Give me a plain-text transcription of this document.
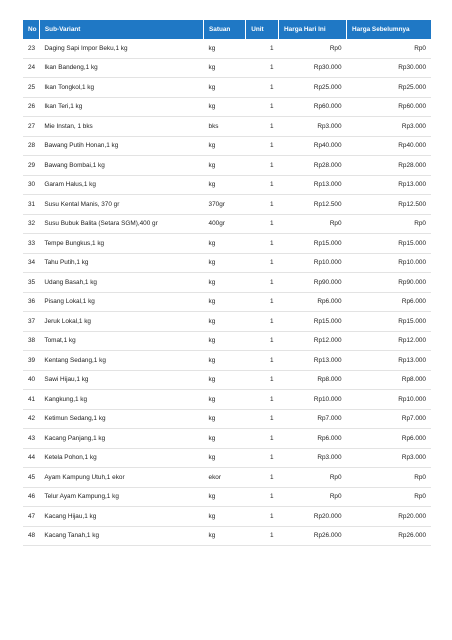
No	Sub-Variant	Satuan	Unit	Harga Hari Ini	Harga Sebelumnya
23	Daging Sapi Impor Beku,1 kg	kg	1	Rp0	Rp0
24	Ikan Bandeng,1 kg	kg	1	Rp30.000	Rp30.000
25	Ikan Tongkol,1 kg	kg	1	Rp25.000	Rp25.000
26	Ikan Teri,1 kg	kg	1	Rp60.000	Rp60.000
27	Mie Instan, 1 bks	bks	1	Rp3.000	Rp3.000
28	Bawang Putih Honan,1 kg	kg	1	Rp40.000	Rp40.000
29	Bawang Bombai,1 kg	kg	1	Rp28.000	Rp28.000
30	Garam Halus,1 kg	kg	1	Rp13.000	Rp13.000
31	Susu Kental Manis, 370 gr	370gr	1	Rp12.500	Rp12.500
32	Susu Bubuk Balita (Setara SGM),400 gr	400gr	1	Rp0	Rp0
33	Tempe Bungkus,1 kg	kg	1	Rp15.000	Rp15.000
34	Tahu Putih,1 kg	kg	1	Rp10.000	Rp10.000
35	Udang Basah,1 kg	kg	1	Rp90.000	Rp90.000
36	Pisang Lokal,1 kg	kg	1	Rp6.000	Rp6.000
37	Jeruk Lokal,1 kg	kg	1	Rp15.000	Rp15.000
38	Tomat,1 kg	kg	1	Rp12.000	Rp12.000
39	Kentang Sedang,1 kg	kg	1	Rp13.000	Rp13.000
40	Sawi Hijau,1 kg	kg	1	Rp8.000	Rp8.000
41	Kangkung,1 kg	kg	1	Rp10.000	Rp10.000
42	Ketimun Sedang,1 kg	kg	1	Rp7.000	Rp7.000
43	Kacang Panjang,1 kg	kg	1	Rp6.000	Rp6.000
44	Ketela Pohon,1 kg	kg	1	Rp3.000	Rp3.000
45	Ayam Kampung Utuh,1 ekor	ekor	1	Rp0	Rp0
46	Telur Ayam Kampung,1 kg	kg	1	Rp0	Rp0
47	Kacang Hijau,1 kg	kg	1	Rp20.000	Rp20.000
48	Kacang Tanah,1 kg	kg	1	Rp26.000	Rp26.000
